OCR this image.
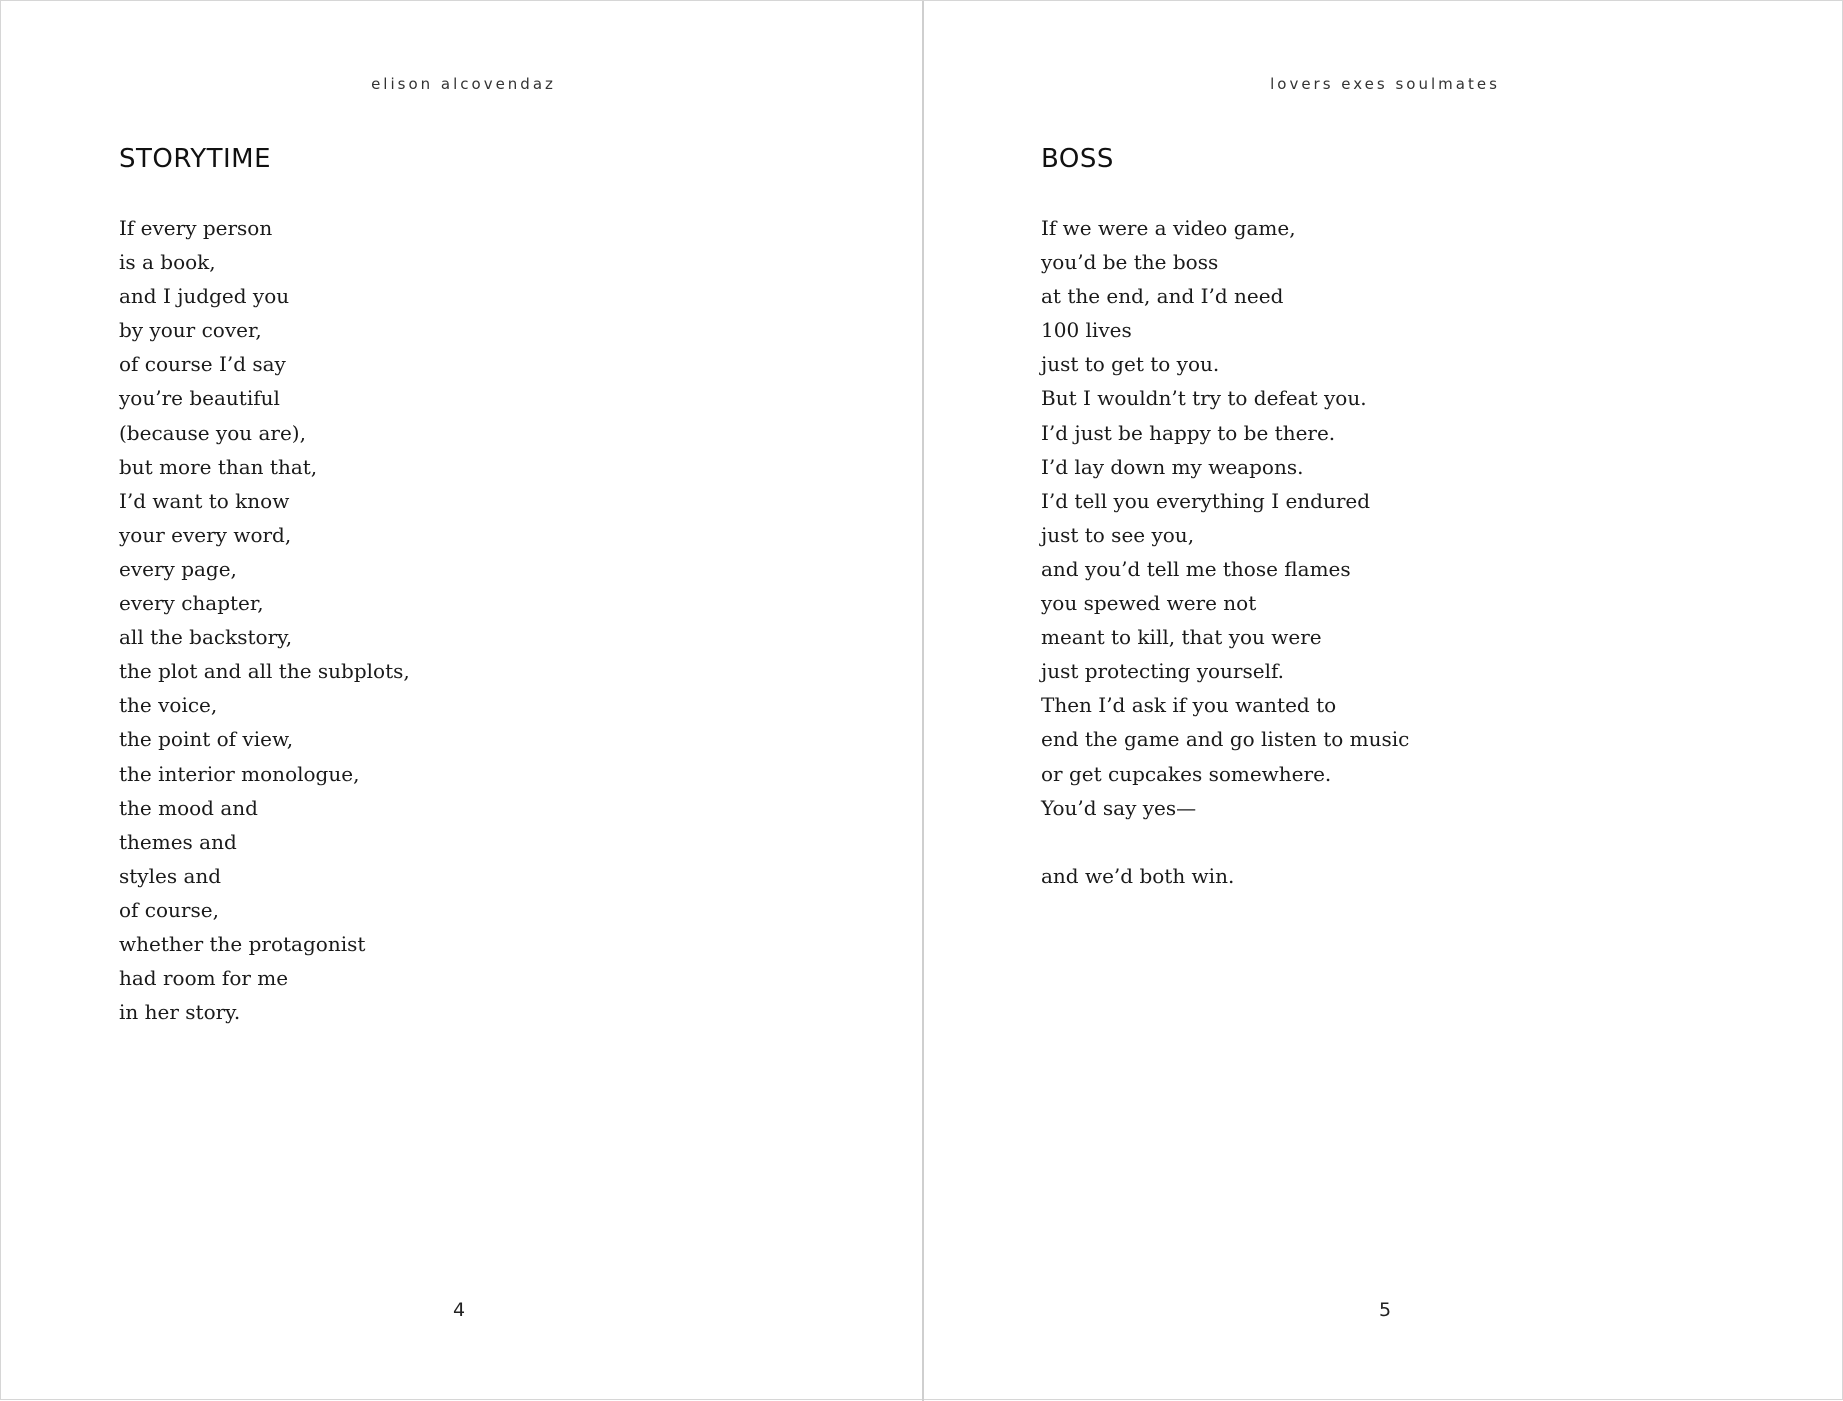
elison alcovendaz
STORYTIME
If every person
is a book,
and I judged you
by your cover,
of course I’d say
you’re beautiful
(because you are),
but more than that,
I’d want to know
your every word,
every page,
every chapter,
all the backstory,
the plot and all the subplots,
the voice,
the point of view,
the interior monologue,
the mood and
themes and
styles and
of course,
whether the protagonist
had room for me
in her story.
4
lovers exes soulmates
BOSS
If we were a video game,
you’d be the boss
at the end, and I’d need
100 lives
just to get to you.
But I wouldn’t try to defeat you.
I’d just be happy to be there.
I’d lay down my weapons.
I’d tell you everything I endured
just to see you,
and you’d tell me those flames
you spewed were not
meant to kill, that you were
just protecting yourself.
Then I’d ask if you wanted to
end the game and go listen to music
or get cupcakes somewhere.
You’d say yes—
and we’d both win.
5
